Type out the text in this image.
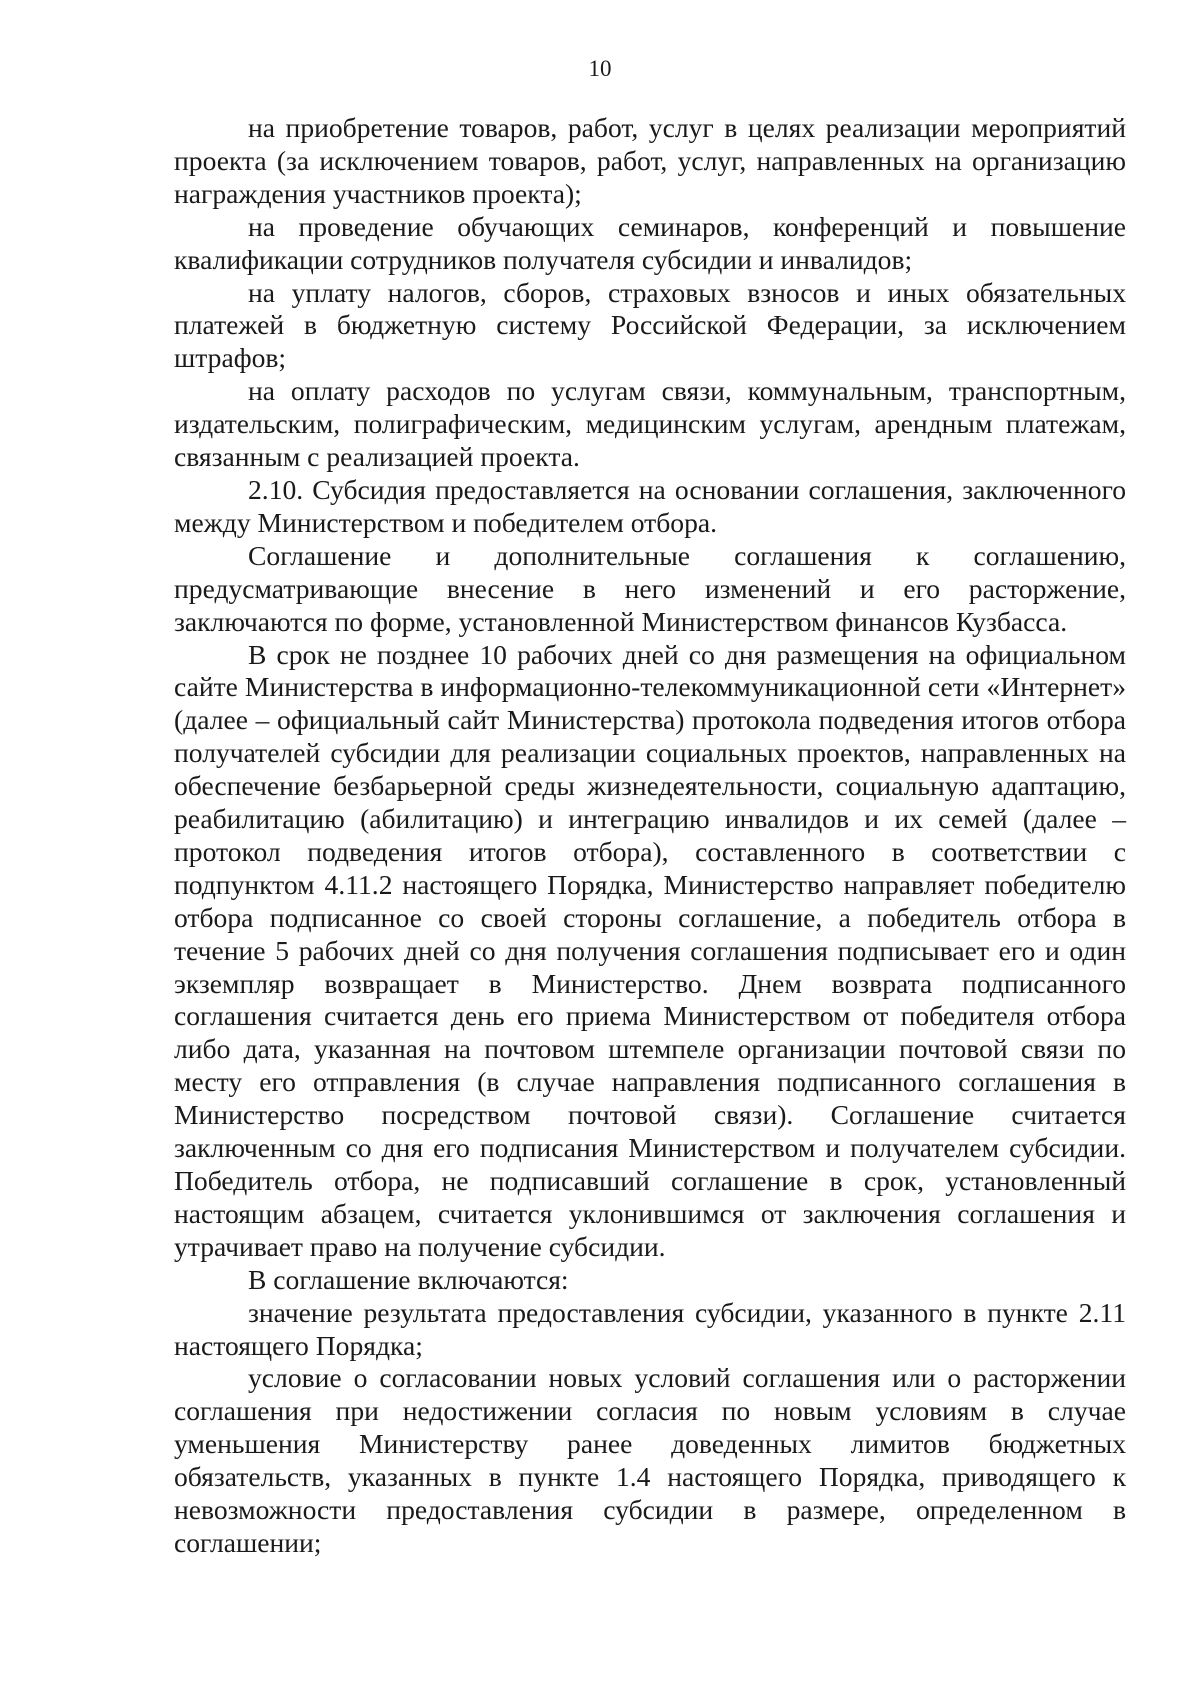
10

на приобретение товаров, работ, услуг в целях реализации мероприятий проекта (за исключением товаров, работ, услуг, направленных на организацию награждения участников проекта);

на проведение обучающих семинаров, конференций и повышение квалификации сотрудников получателя субсидии и инвалидов;

на уплату налогов, сборов, страховых взносов и иных обязательных платежей в бюджетную систему Российской Федерации, за исключением штрафов;

на оплату расходов по услугам связи, коммунальным, транспортным, издательским, полиграфическим, медицинским услугам, арендным платежам, связанным с реализацией проекта.

2.10. Субсидия предоставляется на основании соглашения, заключенного между Министерством и победителем отбора.

Соглашение и дополнительные соглашения к соглашению, предусматривающие внесение в него изменений и его расторжение, заключаются по форме, установленной Министерством финансов Кузбасса.

В срок не позднее 10 рабочих дней со дня размещения на официальном сайте Министерства в информационно-телекоммуникационной сети «Интернет» (далее – официальный сайт Министерства) протокола подведения итогов отбора получателей субсидии для реализации социальных проектов, направленных на обеспечение безбарьерной среды жизнедеятельности, социальную адаптацию, реабилитацию (абилитацию) и интеграцию инвалидов и их семей (далее – протокол подведения итогов отбора), составленного в соответствии с подпунктом 4.11.2 настоящего Порядка, Министерство направляет победителю отбора подписанное со своей стороны соглашение, а победитель отбора в течение 5 рабочих дней со дня получения соглашения подписывает его и один экземпляр возвращает в Министерство. Днем возврата подписанного соглашения считается день его приема Министерством от победителя отбора либо дата, указанная на почтовом штемпеле организации почтовой связи по месту его отправления (в случае направления подписанного соглашения в Министерство посредством почтовой связи). Соглашение считается заключенным со дня его подписания Министерством и получателем субсидии. Победитель отбора, не подписавший соглашение в срок, установленный настоящим абзацем, считается уклонившимся от заключения соглашения и утрачивает право на получение субсидии.

В соглашение включаются:

значение результата предоставления субсидии, указанного в пункте 2.11 настоящего Порядка;

условие о согласовании новых условий соглашения или о расторжении соглашения при недостижении согласия по новым условиям в случае уменьшения Министерству ранее доведенных лимитов бюджетных обязательств, указанных в пункте 1.4 настоящего Порядка, приводящего к невозможности предоставления субсидии в размере, определенном в соглашении;
